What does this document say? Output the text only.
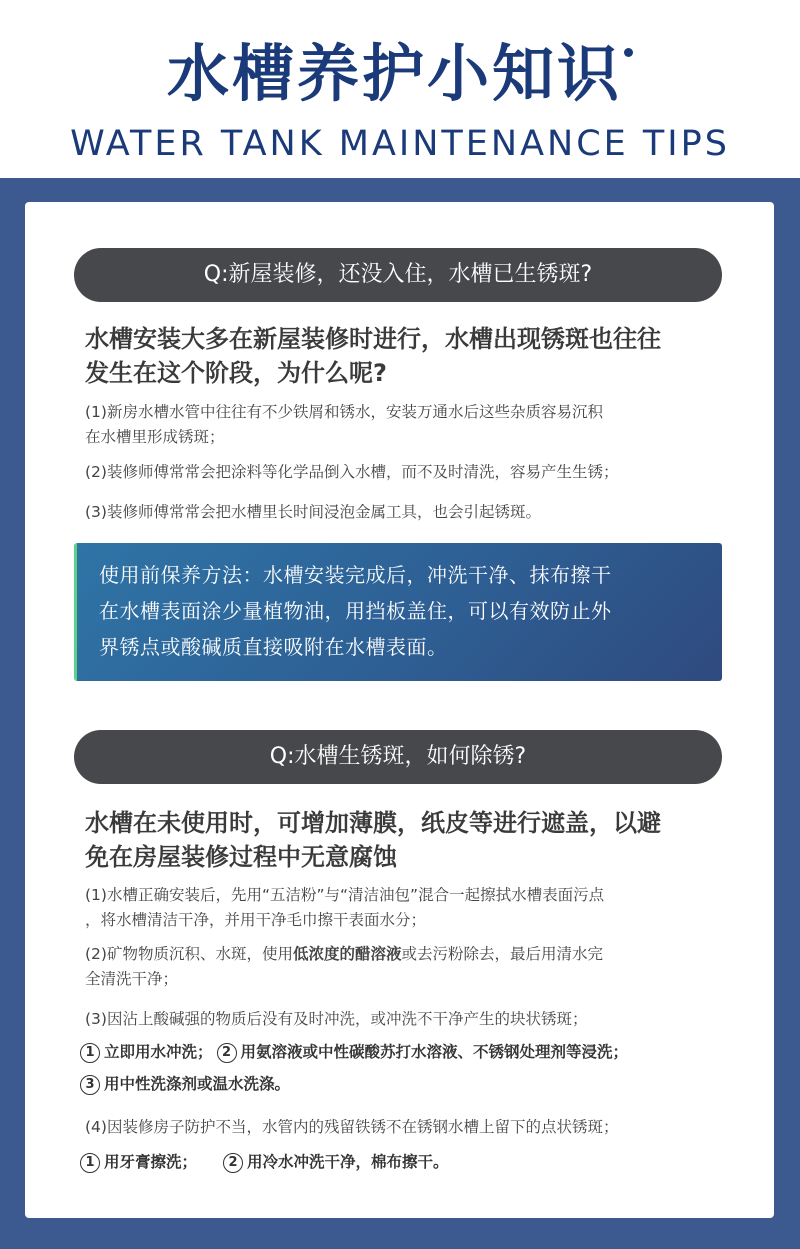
水槽养护小知识
WATER TANK MAINTENANCE TIPS
Q:新屋装修，还没入住，水槽已生锈斑?
水槽安装大多在新屋装修时进行，水槽出现锈斑也往往
发生在这个阶段，为什么呢?
(1)新房水槽水管中往往有不少铁屑和锈水，安装万通水后这些杂质容易沉积
在水槽里形成锈斑；
(2)装修师傅常常会把涂料等化学品倒入水槽，而不及时清洗，容易产生生锈；
(3)装修师傅常常会把水槽里长时间浸泡金属工具，也会引起锈斑。
使用前保养方法：水槽安装完成后，冲洗干净、抹布擦干
在水槽表面涂少量植物油，用挡板盖住，可以有效防止外
界锈点或酸碱质直接吸附在水槽表面。
Q:水槽生锈斑，如何除锈?
水槽在未使用时，可增加薄膜，纸皮等进行遮盖，以避
免在房屋装修过程中无意腐蚀
(1)水槽正确安装后，先用“五洁粉”与“清洁油包”混合一起擦拭水槽表面污点
，将水槽清洁干净，并用干净毛巾擦干表面水分；
(2)矿物物质沉积、水斑，使用低浓度的醋溶液或去污粉除去，最后用清水完
全清洗干净；
(3)因沾上酸碱强的物质后没有及时冲洗，或冲洗不干净产生的块状锈斑；
1 立即用水冲洗； 2 用氨溶液或中性碳酸苏打水溶液、不锈钢处理剂等浸洗；
3 用中性洗涤剂或温水洗涤。
(4)因装修房子防护不当，水管内的残留铁锈不在锈钢水槽上留下的点状锈斑；
1 用牙膏擦洗； 2 用冷水冲洗干净，棉布擦干。
